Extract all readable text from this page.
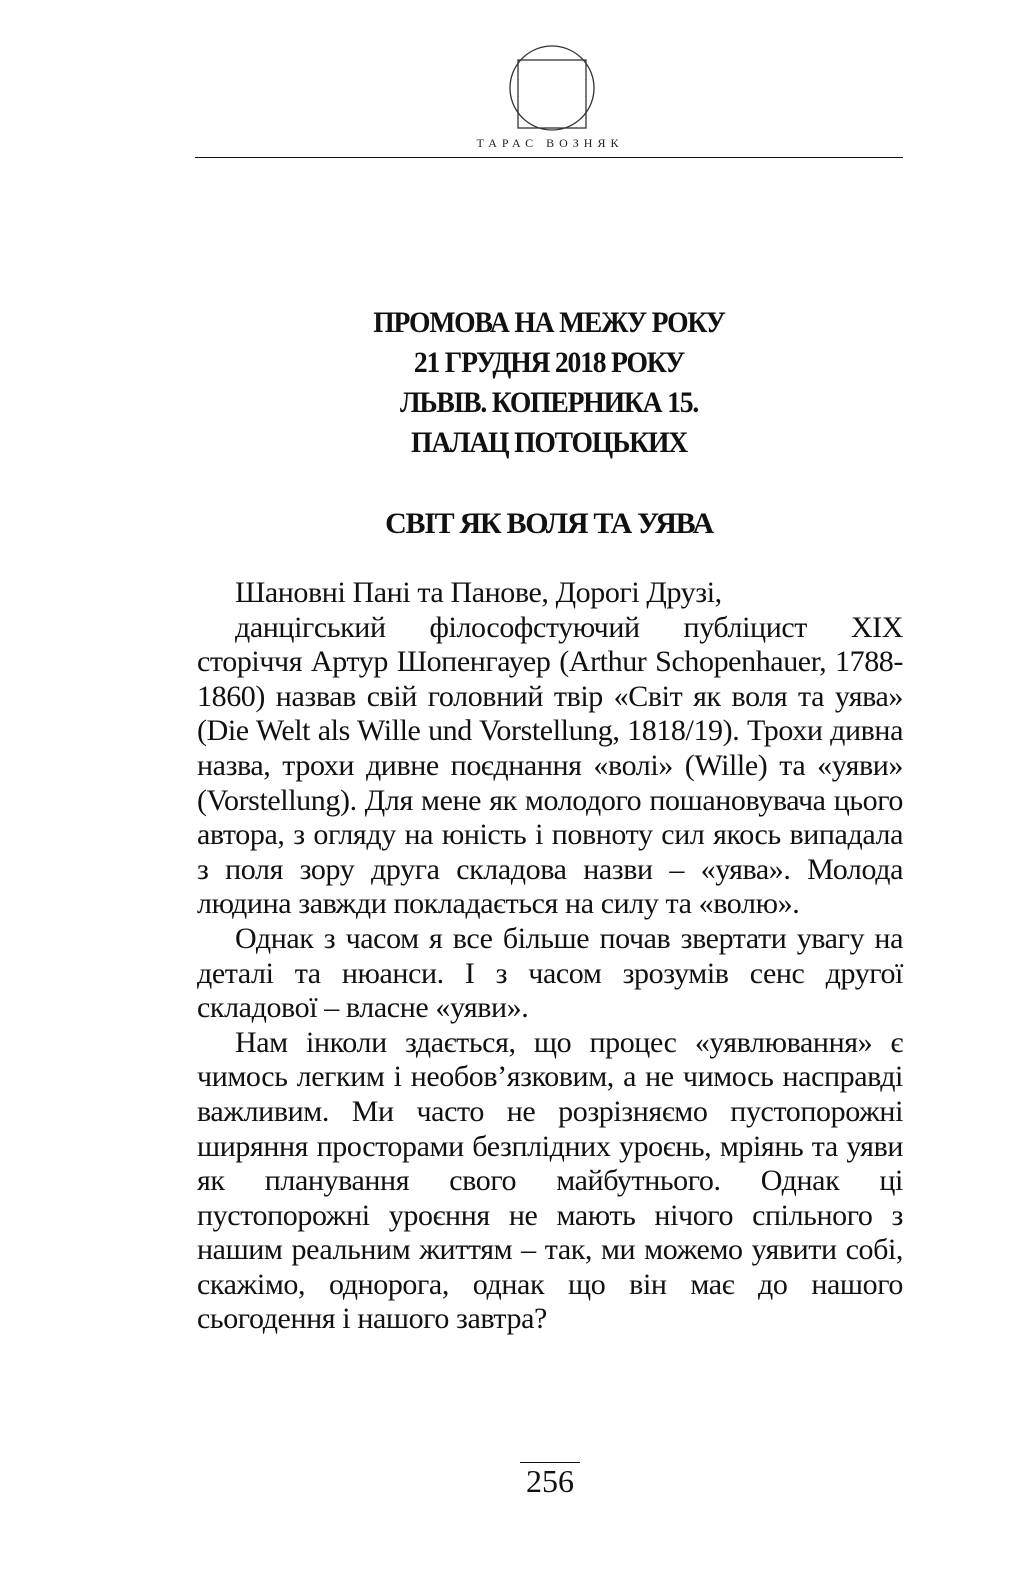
ТАРАС ВОЗНЯК
ПРОМОВА НА МЕЖУ РОКУ
21 ГРУДНЯ 2018 РОКУ
ЛЬВІВ. КОПЕРНИКА 15.
ПАЛАЦ ПОТОЦЬКИХ
СВІТ ЯК ВОЛЯ ТА УЯВА

Шановні Пані та Панове, Дорогі Друзі,

данцігський філософстуючий публіцист XIX сторіччя Артур Шопенгауер (Arthur Schopenhauer, 1788-1860) назвав свій головний твір «Світ як воля та уява» (Die Welt als Wille und Vorstellung, 1818/19). Трохи дивна назва, трохи дивне поєднання «волі» (Wille) та «уяви» (Vorstellung). Для мене як молодого пошановувача цього автора, з огляду на юність і повноту сил якось випадала з поля зору друга складова назви – «уява». Молода людина завжди покладається на силу та «волю».

Однак з часом я все більше почав звертати увагу на деталі та нюанси. І з часом зрозумів сенс другої складової – власне «уяви».

Нам інколи здається, що процес «уявлювання» є чимось легким і необов’язковим, а не чимось насправді важливим. Ми часто не розрізняємо пустопорожні ширяння просторами безплідних уроєнь, мріянь та уяви як планування свого майбутнього. Однак ці пустопорожні уроєння не мають нічого спільного з нашим реальним життям – так, ми можемо уявити собі, скажімо, однорога, однак що він має до нашого сьогодення і нашого завтра?

256
